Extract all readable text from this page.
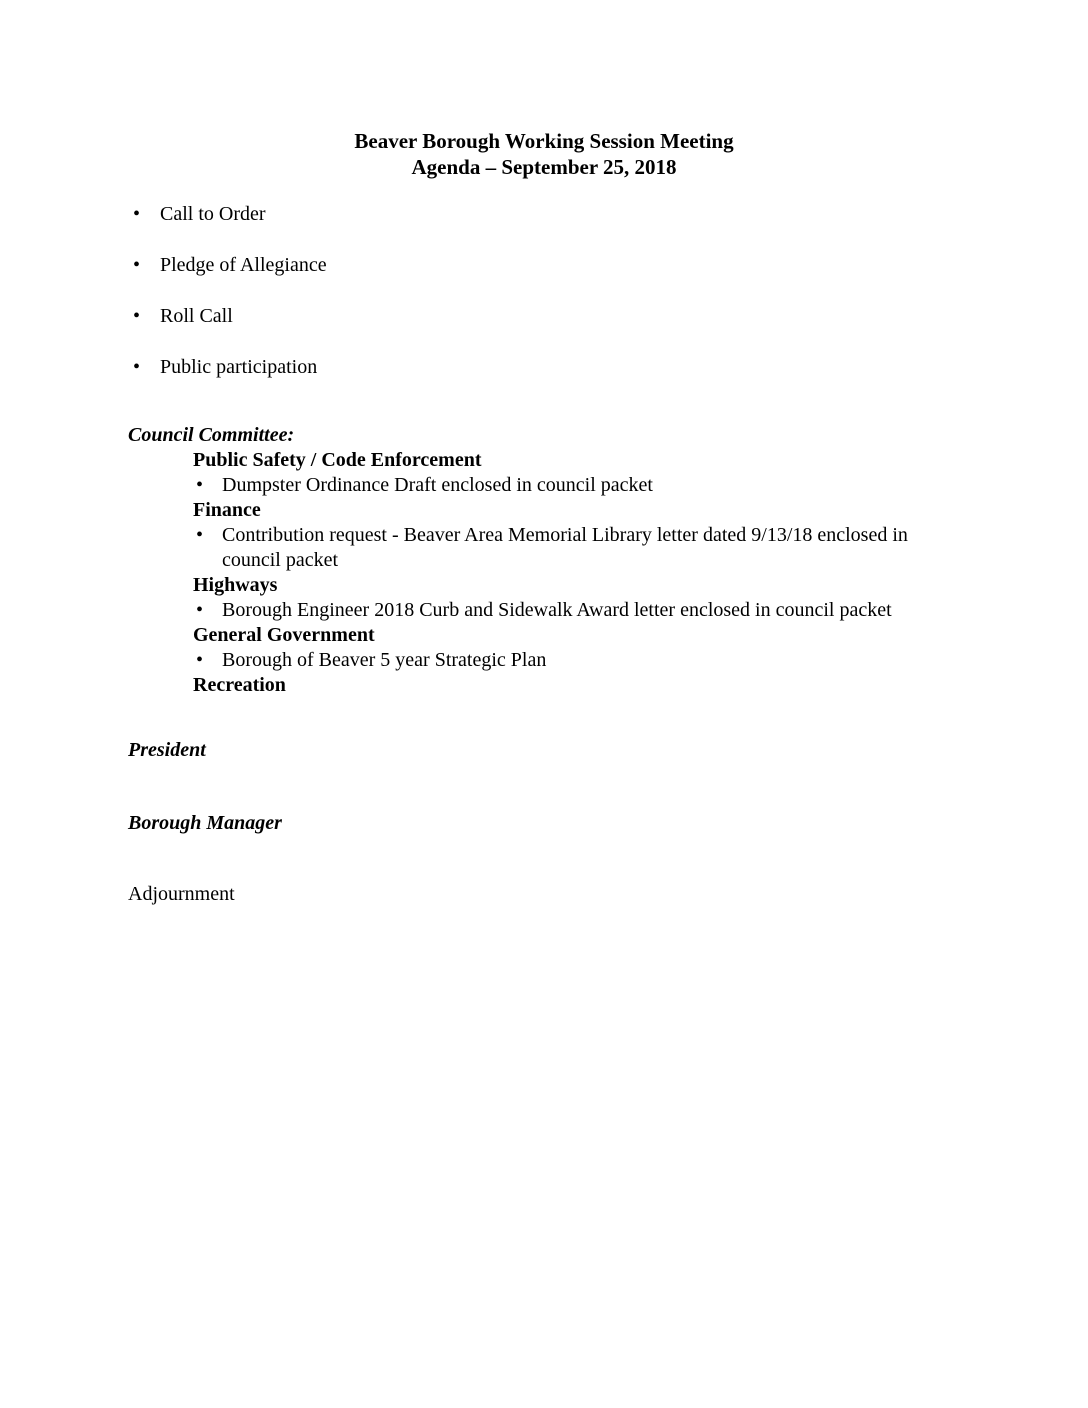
Beaver Borough Working Session Meeting
Agenda – September 25, 2018
•
Call to Order
•
Pledge of Allegiance
•
Roll Call
•
Public participation
Council Committee:
Public Safety / Code Enforcement
•
Dumpster Ordinance Draft enclosed in council packet
Finance
•
Contribution request - Beaver Area Memorial Library letter dated 9/13/18 enclosed in council packet
Highways
•
Borough Engineer 2018 Curb and Sidewalk Award letter enclosed in council packet
General Government
•
Borough of Beaver 5 year Strategic Plan
Recreation
President
Borough Manager
Adjournment
